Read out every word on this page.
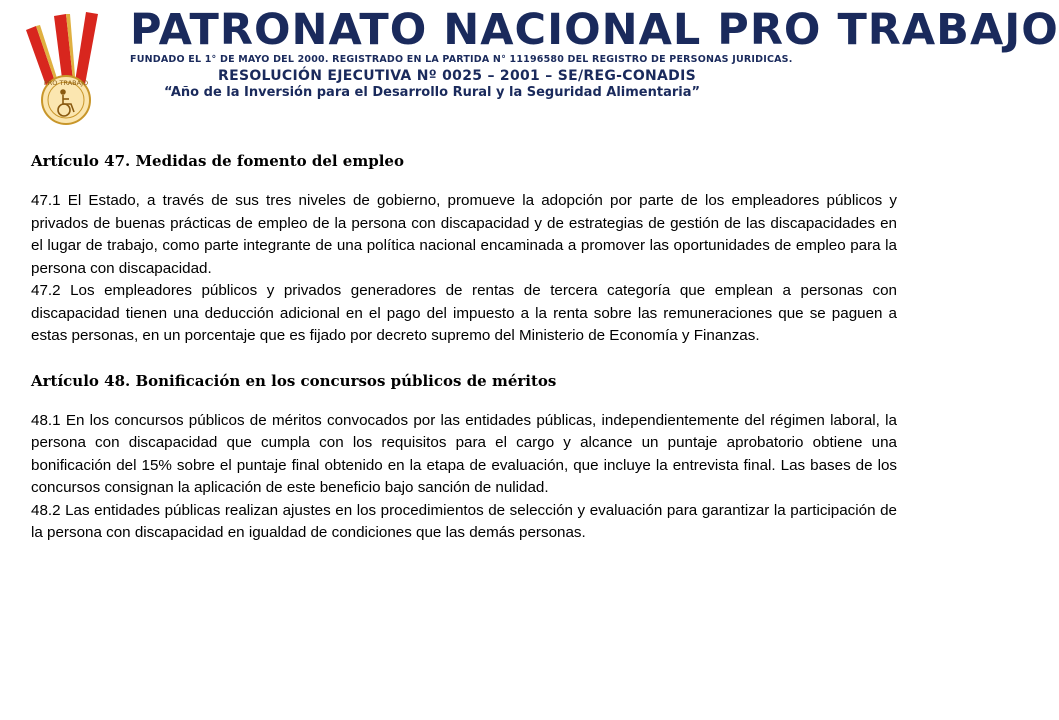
PRO TRABAJO
PATRONATO NACIONAL PRO TRABAJO
FUNDADO EL 1° DE MAYO DEL 2000. REGISTRADO EN LA PARTIDA N° 11196580 DEL REGISTRO DE PERSONAS JURIDICAS.
RESOLUCIÓN EJECUTIVA Nº 0025 – 2001 – SE/REG-CONADIS
“Año de la Inversión para el Desarrollo Rural y la Seguridad Alimentaria”
Artículo 47. Medidas de fomento del empleo

47.1 El Estado, a través de sus tres niveles de gobierno, promueve la adopción por parte de los empleadores públicos y privados de buenas prácticas de empleo de la persona con discapacidad y de estrategias de gestión de las discapacidades en el lugar de trabajo, como parte integrante de una política nacional encaminada a promover las oportunidades de empleo para la persona con discapacidad.

47.2 Los empleadores públicos y privados generadores de rentas de tercera categoría que emplean a personas con discapacidad tienen una deducción adicional en el pago del impuesto a la renta sobre las remuneraciones que se paguen a estas personas, en un porcentaje que es fijado por decreto supremo del Ministerio de Economía y Finanzas.

Artículo 48. Bonificación en los concursos públicos de méritos

48.1 En los concursos públicos de méritos convocados por las entidades públicas, independientemente del régimen laboral, la persona con discapacidad que cumpla con los requisitos para el cargo y alcance un puntaje aprobatorio obtiene una bonificación del 15% sobre el puntaje final obtenido en la etapa de evaluación, que incluye la entrevista final. Las bases de los concursos consignan la aplicación de este beneficio bajo sanción de nulidad.

48.2 Las entidades públicas realizan ajustes en los procedimientos de selección y evaluación para garantizar la participación de la persona con discapacidad en igualdad de condiciones que las demás personas.
